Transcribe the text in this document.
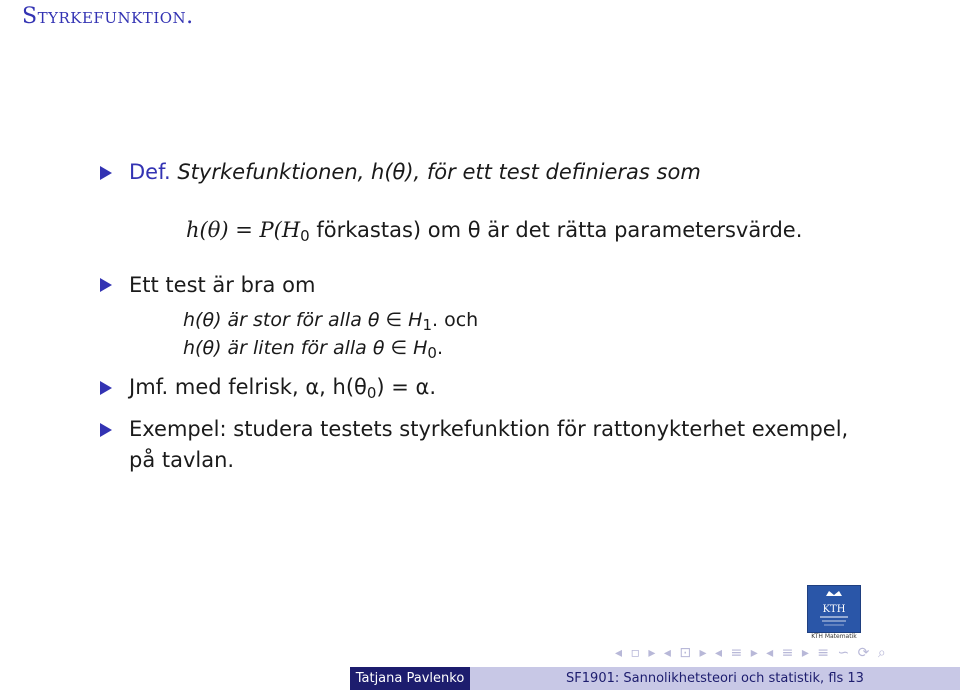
Styrkefunktion.
Def. Styrkefunktionen, h(θ), för ett test definieras som
$h(\theta) = P(H_0$ förkastas) om θ är det rätta parametersvärde.
Ett test är bra om
h(θ) är stor för alla θ ∈ $H_1$. och
h(θ) är liten för alla θ ∈ $H_0$.
Jmf. med felrisk, α, $h(\theta_0) = \alpha$.
Exempel: studera testets styrkefunktion för rattonykterhet exempel,
på tavlan.
KTH
KTH Matematik
◂ ▫ ▸ ◂ ⊡ ▸ ◂ ≡ ▸ ◂ ≡ ▸ ≡ ∽ ⟳ ⌕
Tatjana Pavlenko	SF1901: Sannolikhetsteori och statistik, fls 13
